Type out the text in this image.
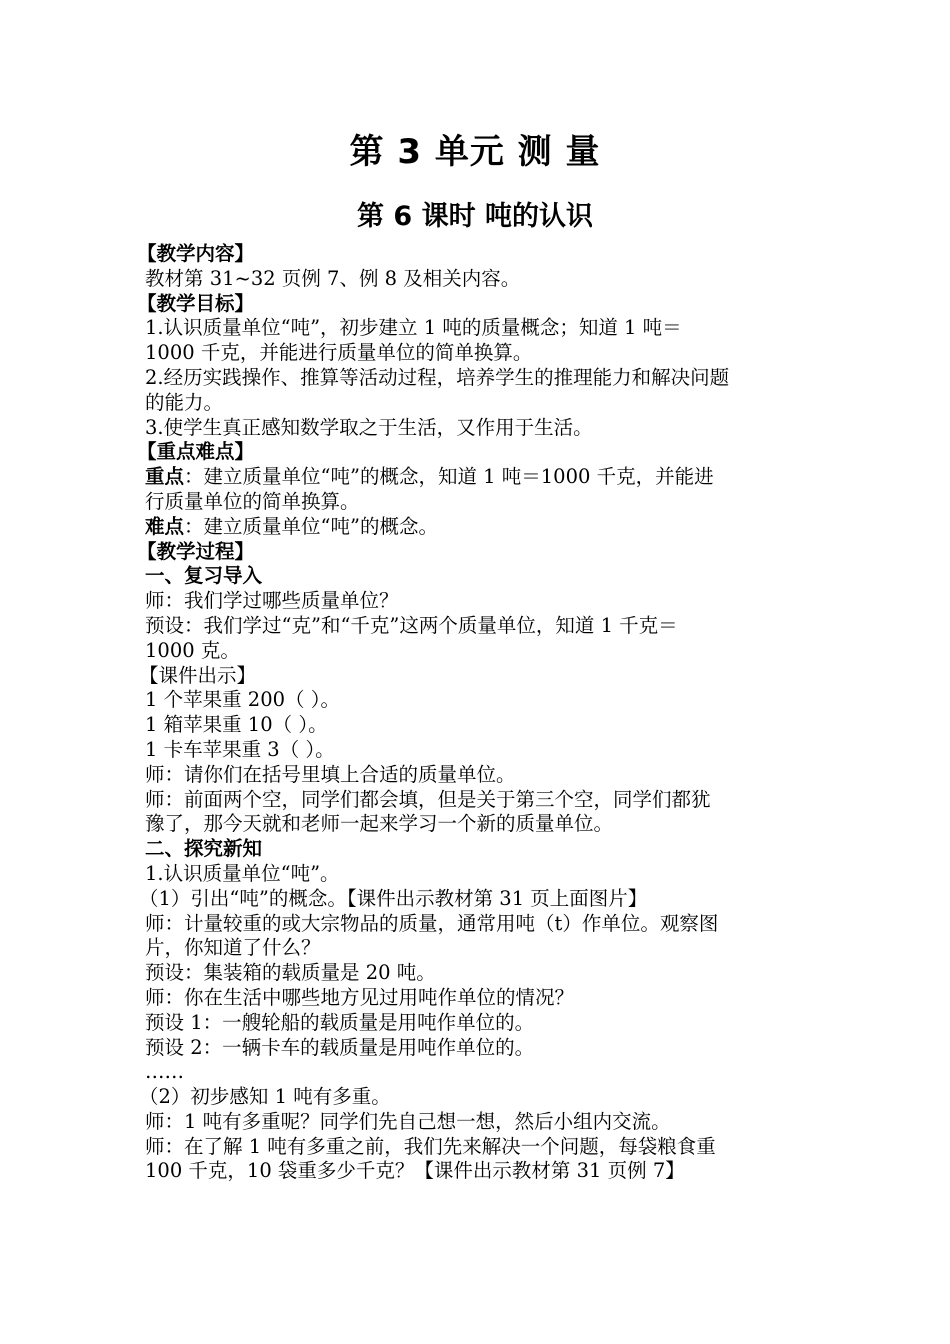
第 3 单元 测 量
第 6 课时 吨的认识

【教学内容】

教材第 31~32 页例 7、例 8 及相关内容。

【教学目标】

1.认识质量单位“吨”，初步建立 1 吨的质量概念；知道 1 吨＝

1000 千克，并能进行质量单位的简单换算。

2.经历实践操作、推算等活动过程，培养学生的推理能力和解决问题

的能力。

3.使学生真正感知数学取之于生活，又作用于生活。

【重点难点】

重点：建立质量单位“吨”的概念，知道 1 吨＝1000 千克，并能进

行质量单位的简单换算。

难点：建立质量单位“吨”的概念。

【教学过程】

一、复习导入

师：我们学过哪些质量单位？

预设：我们学过“克”和“千克”这两个质量单位，知道 1 千克＝

1000 克。

【课件出示】

1 个苹果重 200（ ）。

1 箱苹果重 10（ ）。

1 卡车苹果重 3（ ）。

师：请你们在括号里填上合适的质量单位。

师：前面两个空，同学们都会填，但是关于第三个空，同学们都犹

豫了，那今天就和老师一起来学习一个新的质量单位。

二、探究新知

1.认识质量单位“吨”。

（1）引出“吨”的概念。【课件出示教材第 31 页上面图片】

师：计量较重的或大宗物品的质量，通常用吨（t）作单位。观察图

片，你知道了什么？

预设：集装箱的载质量是 20 吨。

师：你在生活中哪些地方见过用吨作单位的情况？

预设 1：一艘轮船的载质量是用吨作单位的。

预设 2：一辆卡车的载质量是用吨作单位的。

……

（2）初步感知 1 吨有多重。

师：1 吨有多重呢？同学们先自己想一想，然后小组内交流。

师：在了解 1 吨有多重之前，我们先来解决一个问题，每袋粮食重

100 千克，10 袋重多少千克？【课件出示教材第 31 页例 7】
